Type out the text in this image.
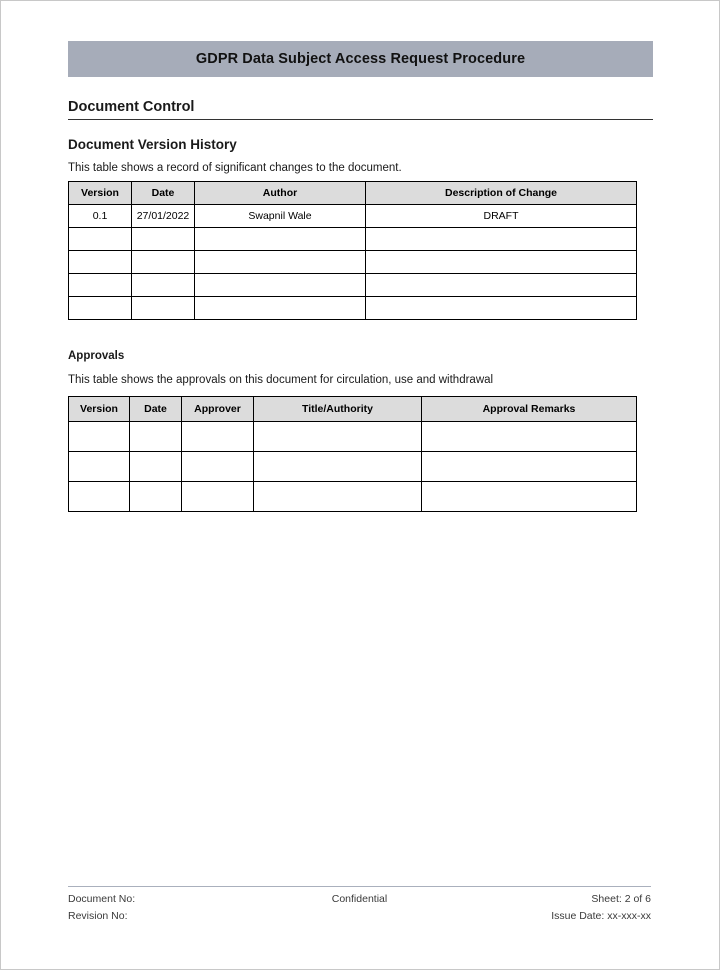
GDPR Data Subject Access Request Procedure
Document Control
Document Version History

This table shows a record of significant changes to the document.

Version	Date	Author	Description of Change
0.1	27/01/2022	Swapnil Wale	DRAFT

Approvals

This table shows the approvals on this document for circulation, use and withdrawal

Version	Date	Approver	Title/Authority	Approval Remarks

Document No:	Confidential	Sheet: 2 of 6
Revision No:	Issue Date: xx-xxx-xx
